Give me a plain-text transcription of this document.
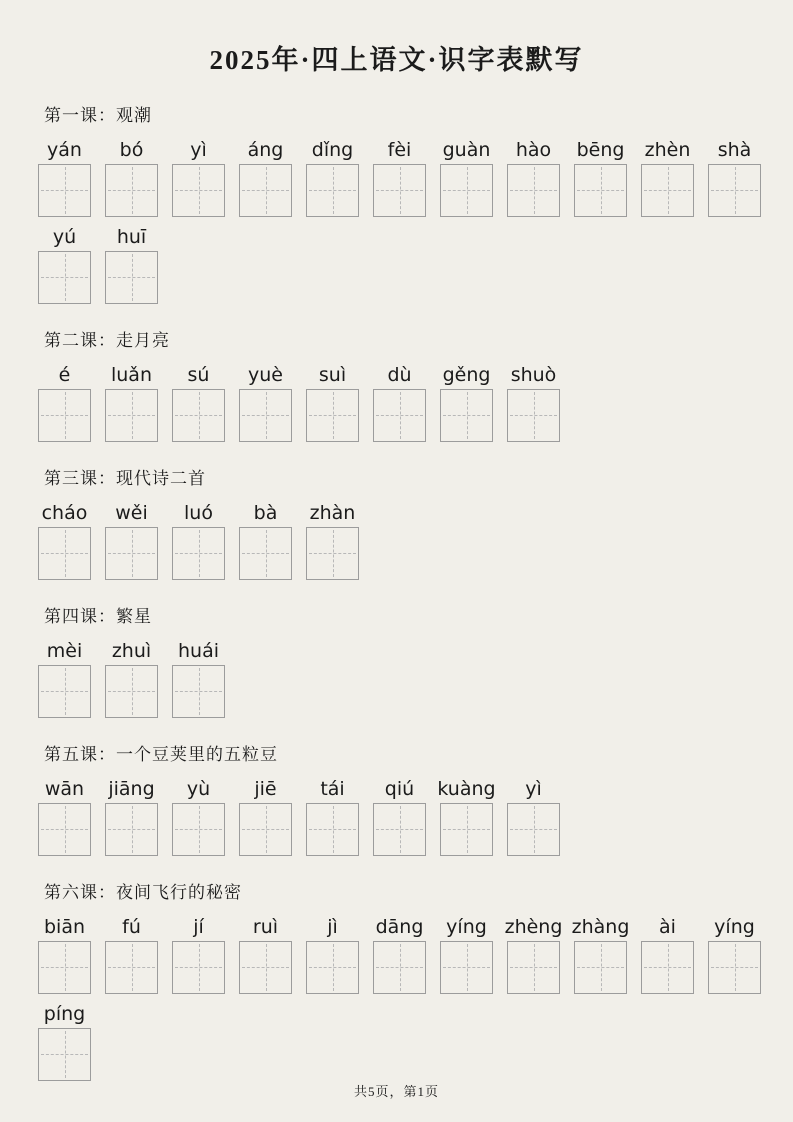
2025年·四上语文·识字表默写
第一课：观潮
yán bó yì áng dǐng fèi guàn hào bēng zhèn shà
yú huī
第二课：走月亮
é luǎn sú yuè suì dù gěng shuò
第三课：现代诗二首
cháo wěi luó bà zhàn
第四课：繁星
mèi zhuì huái
第五课：一个豆荚里的五粒豆
wān jiāng yù jiē tái qiú kuàng yì
第六课：夜间飞行的秘密
biān fú	jí	ruì	jì dāng yíng zhèng zhàng ài yíng
píng
共5页，第1页
